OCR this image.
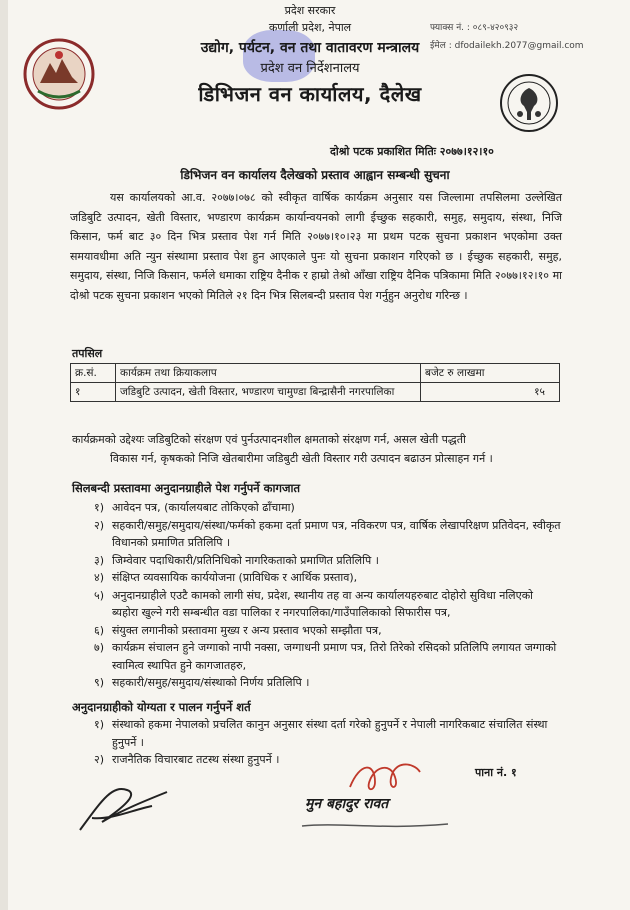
प्रदेश सरकार
कर्णाली प्रदेश, नेपाल
उद्योग, पर्यटन, वन तथा वातावरण मन्त्रालय
प्रदेश वन निर्देशनालय
डिभिजन वन कार्यालय, दैलेख
फ्याक्स नं. : ०८९-४२०९३२
ईमेल : dfodailekh.2077@gmail.com
दोश्रो पटक प्रकाशित मितिः २०७७।१२।१०
डिभिजन वन कार्यालय दैलेखको प्रस्ताव आह्वान सम्बन्धी सुचना
यस कार्यालयको आ.व. २०७७।०७८ को स्वीकृत वार्षिक कार्यक्रम अनुसार यस जिल्लामा तपसिलमा उल्लेखित जडिबुटि उत्पादन, खेती विस्तार, भण्डारण कार्यक्रम कार्यान्वयनको लागी ईच्छुक सहकारी, समुह, समुदाय, संस्था, निजि किसान, फर्म बाट ३० दिन भित्र प्रस्ताव पेश गर्न मिति २०७७।१०।२३ मा प्रथम पटक सुचना प्रकाशन भएकोमा उक्त समयावधीमा अति न्युन संस्थामा प्रस्ताव पेश हुन आएकाले पुनः यो सुचना प्रकाशन गरिएको छ । ईच्छुक सहकारी, समुह, समुदाय, संस्था, निजि किसान, फर्मले धमाका राष्ट्रिय दैनीक र हाम्रो तेश्रो आँखा राष्ट्रिय दैनिक पत्रिकामा मिति २०७७।१२।१० मा दोश्रो पटक सुचना प्रकाशन भएको मितिले २१ दिन भित्र सिलबन्दी प्रस्ताव पेश गर्नुहुन अनुरोध गरिन्छ ।
तपसिल
क्र.सं.	कार्यक्रम तथा क्रियाकलाप	बजेट रु लाखमा
१	जडिबुटि उत्पादन, खेती विस्तार, भण्डारण चामुण्डा बिन्द्रासैनी नगरपालिका	१५
कार्यक्रमको उद्देश्यः जडिबुटिको संरक्षण एवं पुर्नउत्पादनशील क्षमताको संरक्षण गर्न, असल खेती पद्धती
विकास गर्न, कृषकको निजि खेतबारीमा जडिबुटी खेती विस्तार गरी उत्पादन बढाउन प्रोत्साहन गर्न ।
सिलबन्दी प्रस्तावमा अनुदानग्राहीले पेश गर्नुपर्ने कागजात
१) आवेदन पत्र, (कार्यालयबाट तोकिएको ढाँचामा)
२) सहकारी/समुह/समुदाय/संस्था/फर्मको हकमा दर्ता प्रमाण पत्र, नविकरण पत्र, वार्षिक लेखापरिक्षण प्रतिवेदन, स्वीकृत विधानको प्रमाणित प्रतिलिपि ।
३) जिम्वेवार पदाधिकारी/प्रतिनिधिको नागरिकताको प्रमाणित प्रतिलिपि ।
४) संक्षिप्त व्यवसायिक कार्ययोजना (प्राविधिक र आर्थिक प्रस्ताव),
५) अनुदानग्राहीले एउटै कामको लागी संघ, प्रदेश, स्थानीय तह वा अन्य कार्यालयहरुबाट दोहोरो सुविधा नलिएको ब्यहोरा खुल्ने गरी सम्बन्धीत वडा पालिका र नगरपालिका/गाउँपालिकाको सिफारीस पत्र,
६) संयुक्त लगानीको प्रस्तावमा मुख्य र अन्य प्रस्ताव भएको सम्झौता पत्र,
७) कार्यक्रम संचालन हुने जग्गाको नापी नक्सा, जग्गाधनी प्रमाण पत्र, तिरो तिरेको रसिदको प्रतिलिपि लगायत जग्गाको स्वामित्व स्थापित हुने कागजातहरु,
९) सहकारी/समुह/समुदाय/संस्थाको निर्णय प्रतिलिपि ।
अनुदानग्राहीको योग्यता र पालन गर्नुपर्ने शर्त
१) संस्थाको हकमा नेपालको प्रचलित कानुन अनुसार संस्था दर्ता गरेको हुनुपर्ने र नेपाली नागरिकबाट संचालित संस्था हुनुपर्ने ।
२) राजनैतिक विचारबाट तटस्थ संस्था हुनुपर्ने ।
पाना नं. १
मुन बहादुर रावत
